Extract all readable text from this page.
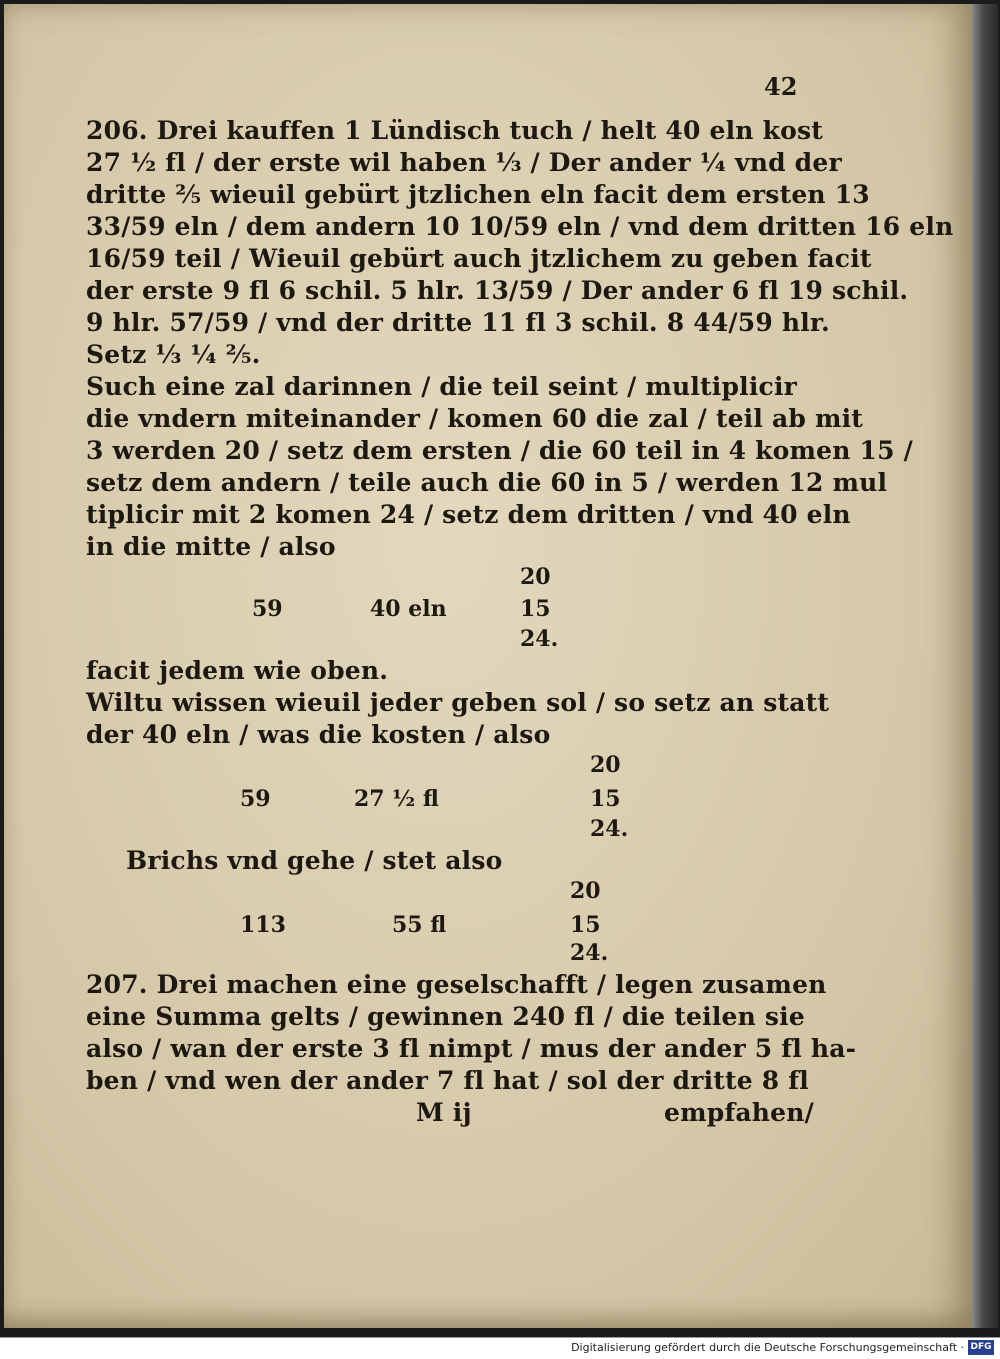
42
206. Drei kauffen 1 Lündisch tuch / helt 40 eln kost
27 ½ fl / der erste wil haben ⅓ / Der ander ¼ vnd der
dritte ⅖ wieuil gebürt jtzlichen eln facit dem ersten 13
33/59 eln / dem andern 10 10/59 eln / vnd dem dritten 16 eln
16/59 teil / Wieuil gebürt auch jtzlichem zu geben facit
der erste 9 fl 6 schil. 5 hlr. 13/59 / Der ander 6 fl 19 schil.
9 hlr. 57/59 / vnd der dritte 11 fl 3 schil. 8 44/59 hlr.
Setz ⅓ ¼ ⅖.
Such eine zal darinnen / die teil seint / multiplicir
die vndern miteinander / komen 60 die zal / teil ab mit
3 werden 20 / setz dem ersten / die 60 teil in 4 komen 15 /
setz dem andern / teile auch die 60 in 5 / werden 12 mul
tiplicir mit 2 komen 24 / setz dem dritten / vnd 40 eln
in die mitte / also
20
59	40 eln	15
24.
facit jedem wie oben.
Wiltu wissen wieuil jeder geben sol / so setz an statt
der 40 eln / was die kosten / also
20
59	27 ½ fl	15
24.
Brichs vnd gehe / stet also
20
113	55 fl	15
24.
207. Drei machen eine geselschafft / legen zusamen
eine Summa gelts / gewinnen 240 fl / die teilen sie
also / wan der erste 3 fl nimpt / mus der ander 5 fl ha-
ben / vnd wen der ander 7 fl hat / sol der dritte 8 fl
M ij	empfahen/
Digitalisierung gefördert durch die Deutsche Forschungsgemeinschaft · DFG
